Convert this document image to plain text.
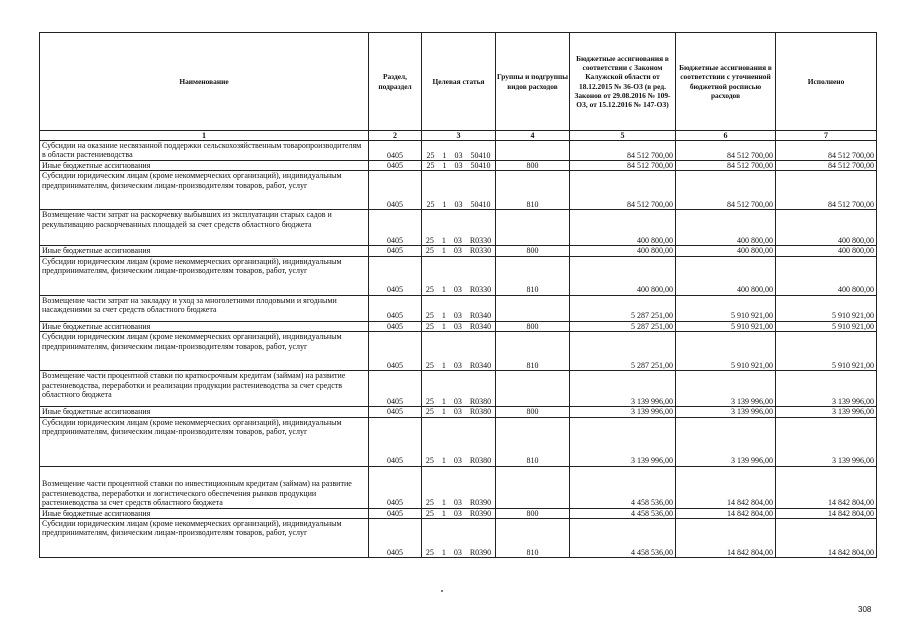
Наименование	Раздел, подраздел	Целевая статья	Группы и подгруппы видов расходов	Бюджетные ассигнования в соответствии с Законом Калужской области от 18.12.2015 № 36-ОЗ (в ред. Законов от 29.08.2016 № 109-ОЗ, от 15.12.2016 № 147-ОЗ)	Бюджетные ассигнования в соответствии с уточненной бюджетной росписью расходов	Исполнено
1	2	3	4	5	6	7
Субсидии на оказание несвязанной поддержки сельскохозяйственным товаропроизводителям в области растениеводства	0405	25 1 03 50410		84 512 700,00	84 512 700,00	84 512 700,00
Иные бюджетные ассигнования	0405	25 1 03 50410	800	84 512 700,00	84 512 700,00	84 512 700,00
Субсидии юридическим лицам (кроме некоммерческих организаций), индивидуальным предпринимателям, физическим лицам-производителям товаров, работ, услуг	0405	25 1 03 50410	810	84 512 700,00	84 512 700,00	84 512 700,00
Возмещение части затрат на раскорчевку выбывших из эксплуатации старых садов и рекультивацию раскорчеванных площадей за счет средств областного бюджета	0405	25 1 03 R0330		400 800,00	400 800,00	400 800,00
Иные бюджетные ассигнования	0405	25 1 03 R0330	800	400 800,00	400 800,00	400 800,00
Субсидии юридическим лицам (кроме некоммерческих организаций), индивидуальным предпринимателям, физическим лицам-производителям товаров, работ, услуг	0405	25 1 03 R0330	810	400 800,00	400 800,00	400 800,00
Возмещение части затрат на закладку и уход за многолетними плодовыми и ягодными насаждениями за счет средств областного бюджета	0405	25 1 03 R0340		5 287 251,00	5 910 921,00	5 910 921,00
Иные бюджетные ассигнования	0405	25 1 03 R0340	800	5 287 251,00	5 910 921,00	5 910 921,00
Субсидии юридическим лицам (кроме некоммерческих организаций), индивидуальным предпринимателям, физическим лицам-производителям товаров, работ, услуг	0405	25 1 03 R0340	810	5 287 251,00	5 910 921,00	5 910 921,00
Возмещение части процентной ставки по краткосрочным кредитам (займам) на развитие растениеводства, переработки и реализации продукции растениеводства за счет средств областного бюджета	0405	25 1 03 R0380		3 139 996,00	3 139 996,00	3 139 996,00
Иные бюджетные ассигнования	0405	25 1 03 R0380	800	3 139 996,00	3 139 996,00	3 139 996,00
Субсидии юридическим лицам (кроме некоммерческих организаций), индивидуальным предпринимателям, физическим лицам-производителям товаров, работ, услуг	0405	25 1 03 R0380	810	3 139 996,00	3 139 996,00	3 139 996,00
Возмещение части процентной ставки по инвестиционным кредитам (займам) на развитие растениеводства, переработки и логистического обеспечения рынков продукции растениеводства за счет средств областного бюджета	0405	25 1 03 R0390		4 458 536,00	14 842 804,00	14 842 804,00
Иные бюджетные ассигнования	0405	25 1 03 R0390	800	4 458 536,00	14 842 804,00	14 842 804,00
Субсидии юридическим лицам (кроме некоммерческих организаций), индивидуальным предпринимателям, физическим лицам-производителям товаров, работ, услуг	0405	25 1 03 R0390	810	4 458 536,00	14 842 804,00	14 842 804,00
308
